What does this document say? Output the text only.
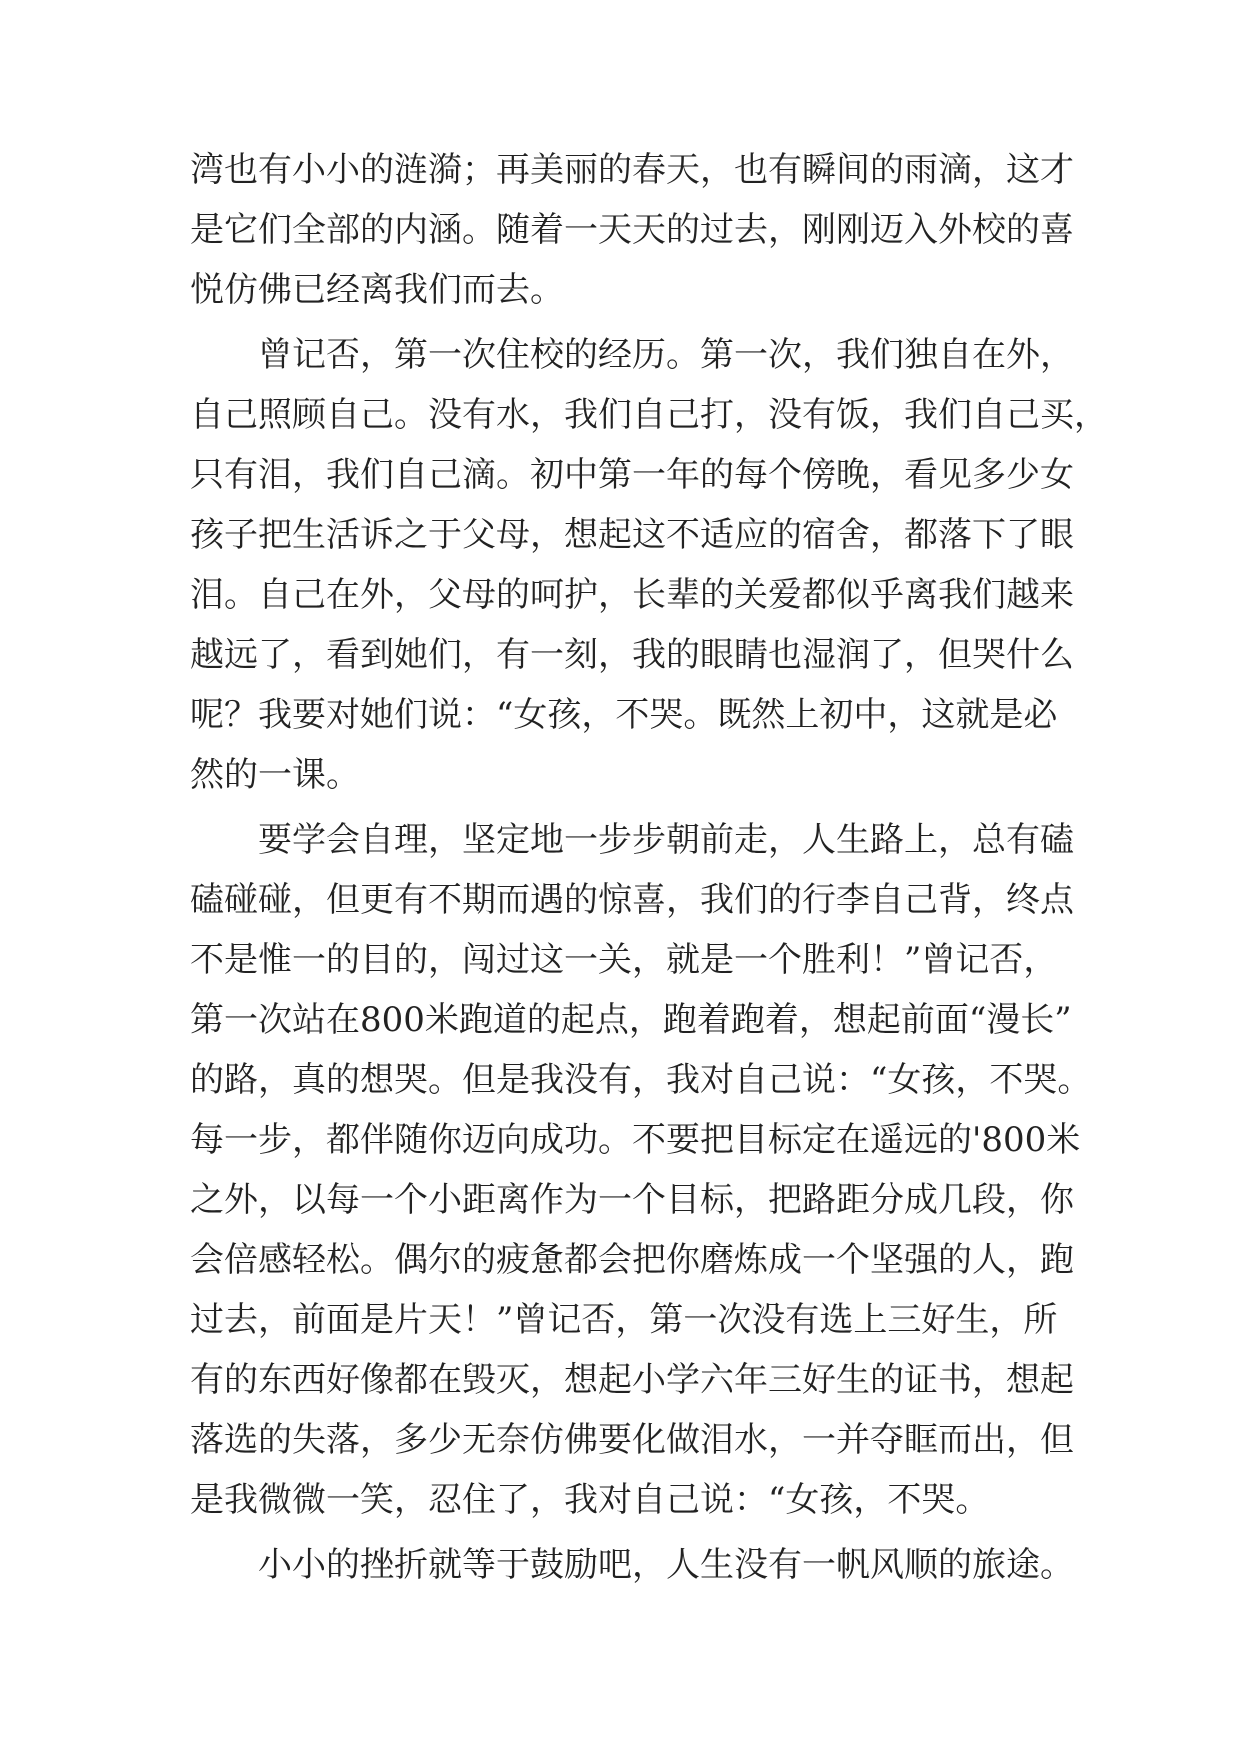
湾也有小小的涟漪；再美丽的春天，也有瞬间的雨滴，这才
是它们全部的内涵。随着一天天的过去，刚刚迈入外校的喜
悦仿佛已经离我们而去。
曾记否，第一次住校的经历。第一次，我们独自在外，
自己照顾自己。没有水，我们自己打，没有饭，我们自己买，
只有泪，我们自己滴。初中第一年的每个傍晚，看见多少女
孩子把生活诉之于父母，想起这不适应的宿舍，都落下了眼
泪。自己在外，父母的呵护，长辈的关爱都似乎离我们越来
越远了，看到她们，有一刻，我的眼睛也湿润了，但哭什么
呢？我要对她们说：“女孩，不哭。既然上初中，这就是必
然的一课。
要学会自理，坚定地一步步朝前走，人生路上，总有磕
磕碰碰，但更有不期而遇的惊喜，我们的行李自己背，终点
不是惟一的目的，闯过这一关，就是一个胜利！”曾记否，
第一次站在800米跑道的起点，跑着跑着，想起前面“漫长”
的路，真的想哭。但是我没有，我对自己说：“女孩，不哭。
每一步，都伴随你迈向成功。不要把目标定在遥远的'800米
之外，以每一个小距离作为一个目标，把路距分成几段，你
会倍感轻松。偶尔的疲惫都会把你磨炼成一个坚强的人，跑
过去，前面是片天！”曾记否，第一次没有选上三好生，所
有的东西好像都在毁灭，想起小学六年三好生的证书，想起
落选的失落，多少无奈仿佛要化做泪水，一并夺眶而出，但
是我微微一笑，忍住了，我对自己说：“女孩，不哭。
小小的挫折就等于鼓励吧，人生没有一帆风顺的旅途。
